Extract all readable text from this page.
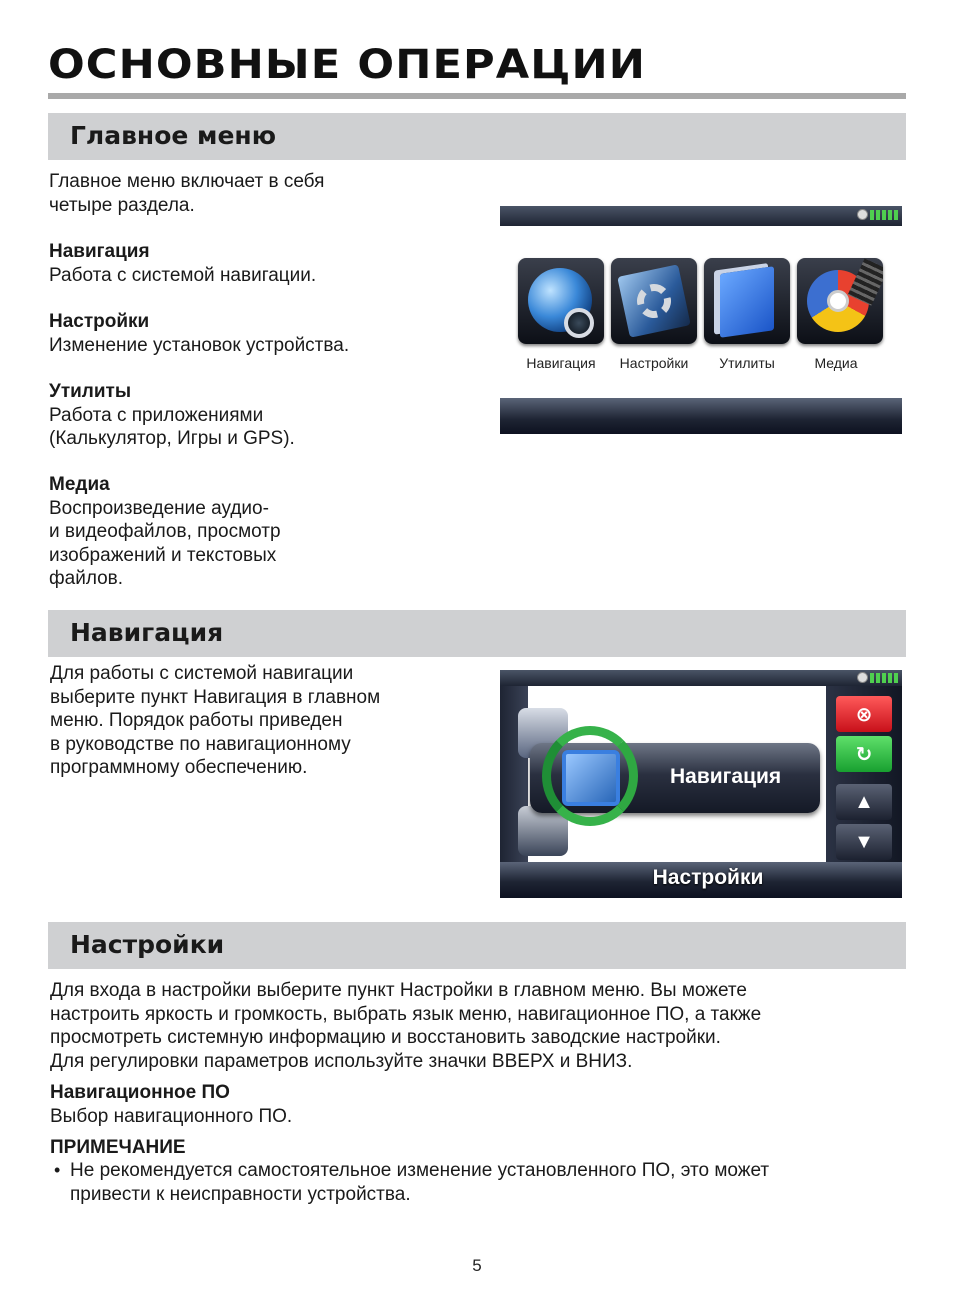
ОСНОВНЫЕ ОПЕРАЦИИ
Главное меню
Главное меню включает в себя
четыре раздела.
Навигация
Работа с системой навигации.
Настройки
Изменение установок устройства.
Утилиты
Работа с приложениями
(Калькулятор, Игры и GPS).
Медиа
Воспроизведение аудио-
и видеофайлов, просмотр
изображений и текстовых
файлов.
Навигация	Настройки	Утилиты	Медиа
Навигация
Для работы с системой навигации
выберите пункт Навигация в главном
меню. Порядок работы приведен
в руководстве по навигационному
программному обеспечению.	Навигация
⊗
↻
▲
▼
Настройки
Настройки
Для входа в настройки выберите пункт Настройки в главном меню. Вы можете
настроить яркость и громкость, выбрать язык меню, навигационное ПО, а также
просмотреть системную информацию и восстановить заводские настройки.
Для регулировки параметров используйте значки ВВЕРХ и ВНИЗ.
Навигационное ПО
Выбор навигационного ПО.
ПРИМЕЧАНИЕ
• Не рекомендуется самостоятельное изменение установленного ПО, это может
привести к неисправности устройства.
5
